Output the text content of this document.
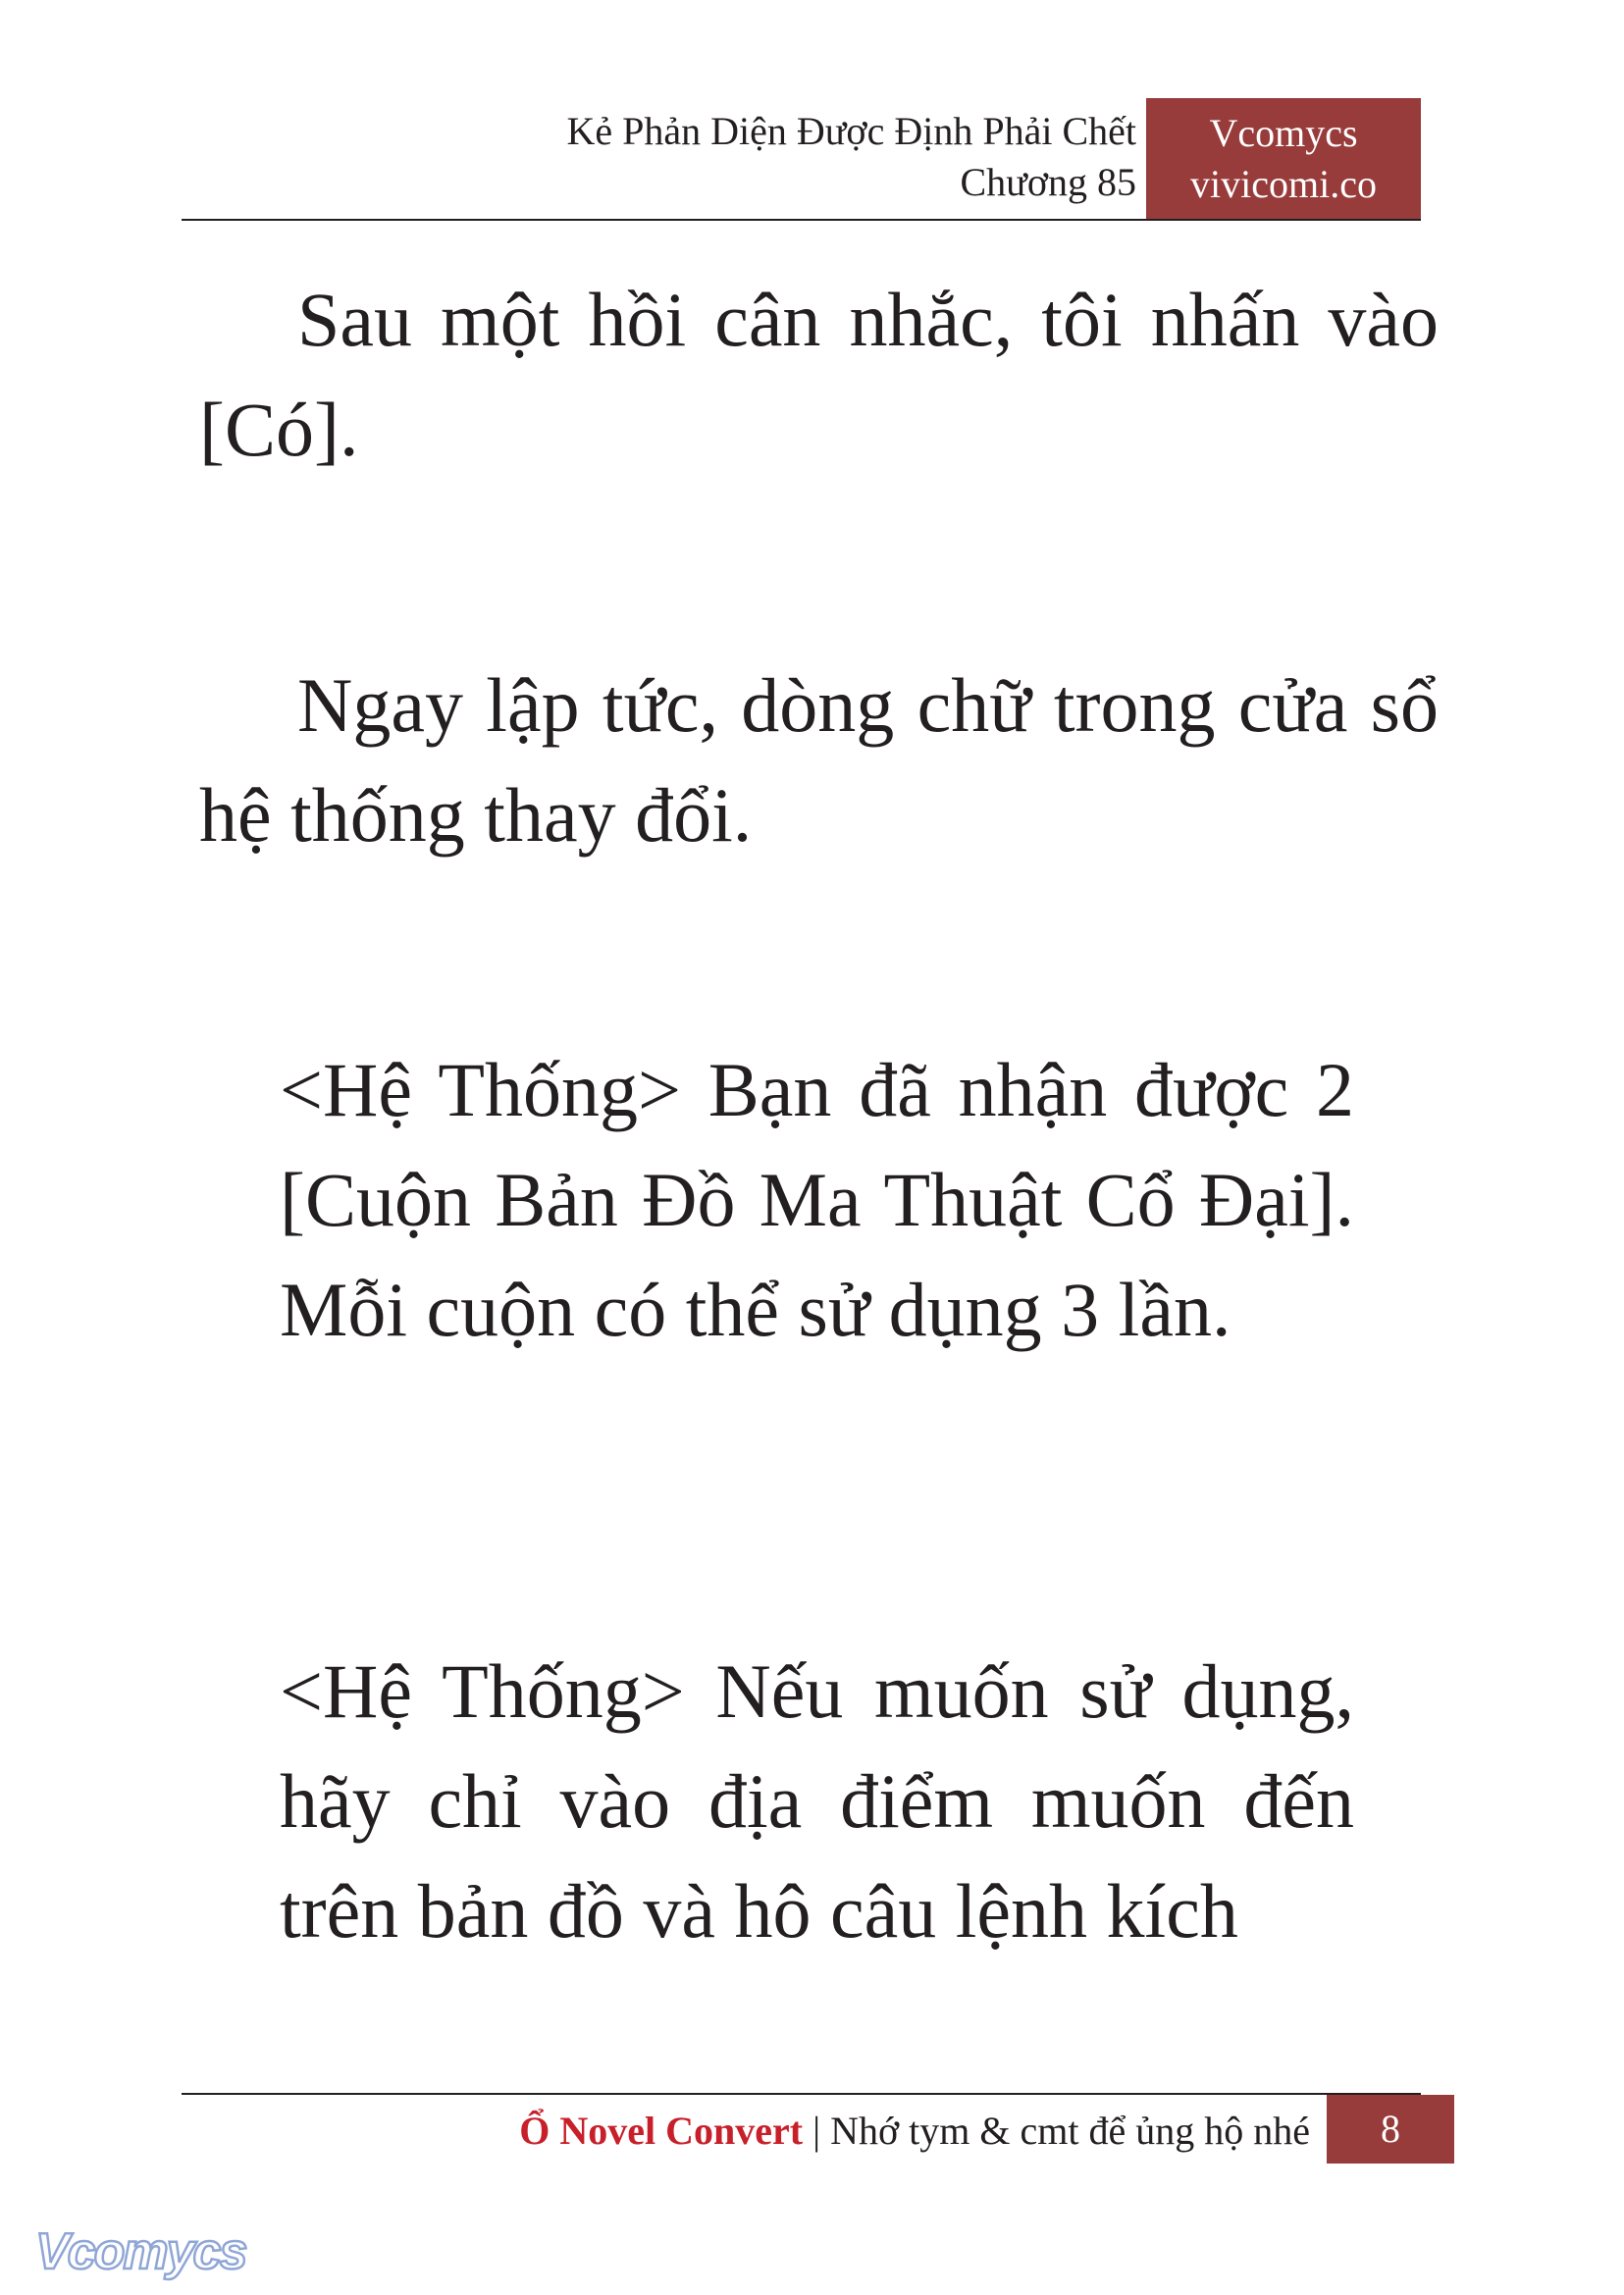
Kẻ Phản Diện Được Định Phải Chết
Chương 85
Vcomycs
vivicomi.co

Sau một hồi cân nhắc, tôi nhấn vào [Có].

Ngay lập tức, dòng chữ trong cửa sổ hệ thống thay đổi.

<Hệ Thống> Bạn đã nhận được 2 [Cuộn Bản Đồ Ma Thuật Cổ Đại]. Mỗi cuộn có thể sử dụng 3 lần.

<Hệ Thống> Nếu muốn sử dụng, hãy chỉ vào địa điểm muốn đến trên bản đồ và hô câu lệnh kích

Ổ Novel Convert | Nhớ tym & cmt để ủng hộ nhé	8
Vcomycs
